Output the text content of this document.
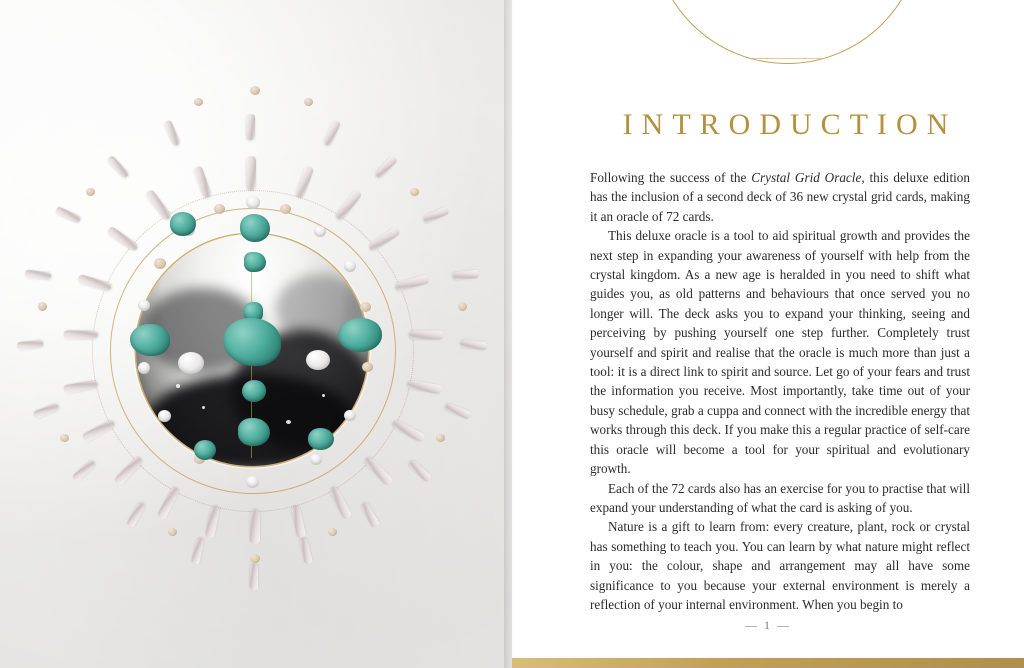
INTRODUCTION

Following the success of the Crystal Grid Oracle, this deluxe edition has the inclusion of a second deck of 36 new crystal grid cards, making it an oracle of 72 cards.

This deluxe oracle is a tool to aid spiritual growth and provides the next step in expanding your awareness of yourself with help from the crystal kingdom. As a new age is heralded in you need to shift what guides you, as old patterns and behaviours that once served you no longer will. The deck asks you to expand your thinking, seeing and perceiving by pushing yourself one step further. Completely trust yourself and spirit and realise that the oracle is much more than just a tool: it is a direct link to spirit and source. Let go of your fears and trust the information you receive. Most importantly, take time out of your busy schedule, grab a cuppa and connect with the incredible energy that works through this deck. If you make this a regular practice of self-care this oracle will become a tool for your spiritual and evolutionary growth.

Each of the 72 cards also has an exercise for you to practise that will expand your understanding of what the card is asking of you.

Nature is a gift to learn from: every creature, plant, rock or crystal has something to teach you. You can learn by what nature might reflect in you: the colour, shape and arrangement may all have some significance to you because your external environment is merely a reflection of your internal environment. When you begin to

— 1 —
